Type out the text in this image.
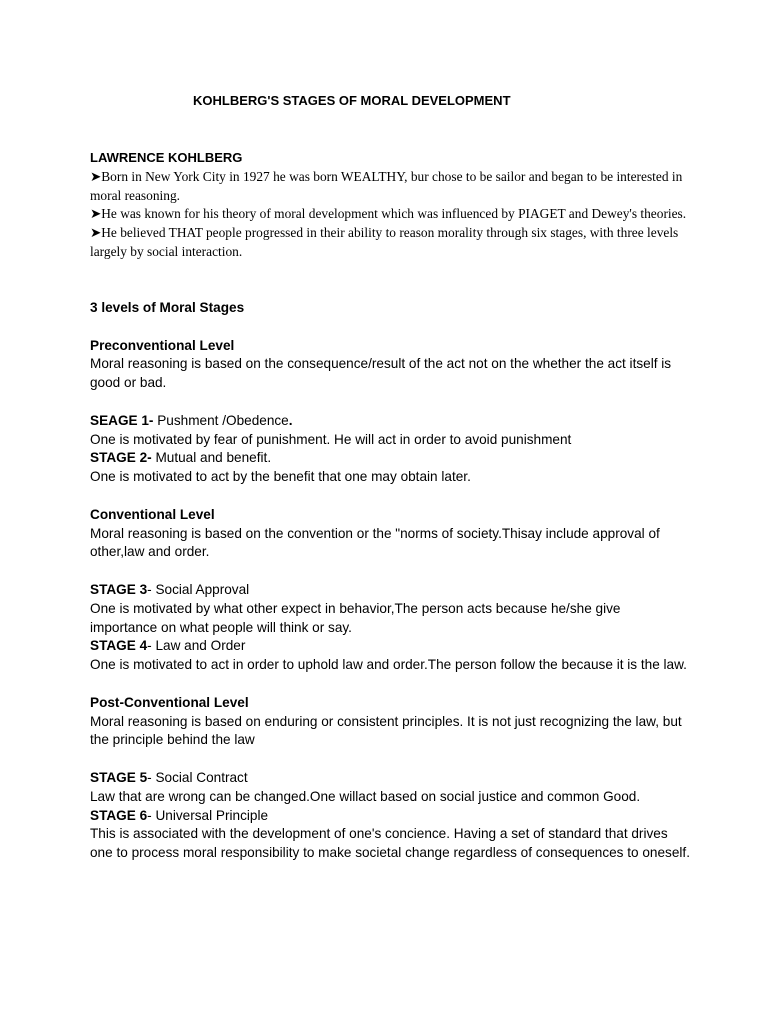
KOHLBERG'S STAGES OF MORAL DEVELOPMENT
LAWRENCE KOHLBERG
➤Born in New York City in 1927 he was born WEALTHY, bur chose to be sailor and began to be interested in moral reasoning.
➤He was known for his theory of moral development which was influenced by PIAGET and Dewey's theories.
➤He believed THAT people progressed in their ability to reason morality through six stages, with three levels largely by social interaction.

3 levels of Moral Stages

Preconventional Level

Moral reasoning is based on the consequence/result of the act not on the whether the act itself is good or bad.

SEAGE 1- Pushment /Obedence.

One is motivated by fear of punishment. He will act in order to avoid punishment

STAGE 2- Mutual and benefit.

One is motivated to act by the benefit that one may obtain later.

Conventional Level

Moral reasoning is based on the convention or the "norms of society.Thisay include approval of other,law and order.

STAGE 3- Social Approval

One is motivated by what other expect in behavior,The person acts because he/she give importance on what people will think or say.

STAGE 4- Law and Order

One is motivated to act in order to uphold law and order.The person follow the because it is the law.

Post-Conventional Level

Moral reasoning is based on enduring or consistent principles. It is not just recognizing the law, but the principle behind the law

STAGE 5- Social Contract

Law that are wrong can be changed.One willact based on social justice and common Good.

STAGE 6- Universal Principle

This is associated with the development of one's concience. Having a set of standard that drives one to process moral responsibility to make societal change regardless of consequences to oneself.
